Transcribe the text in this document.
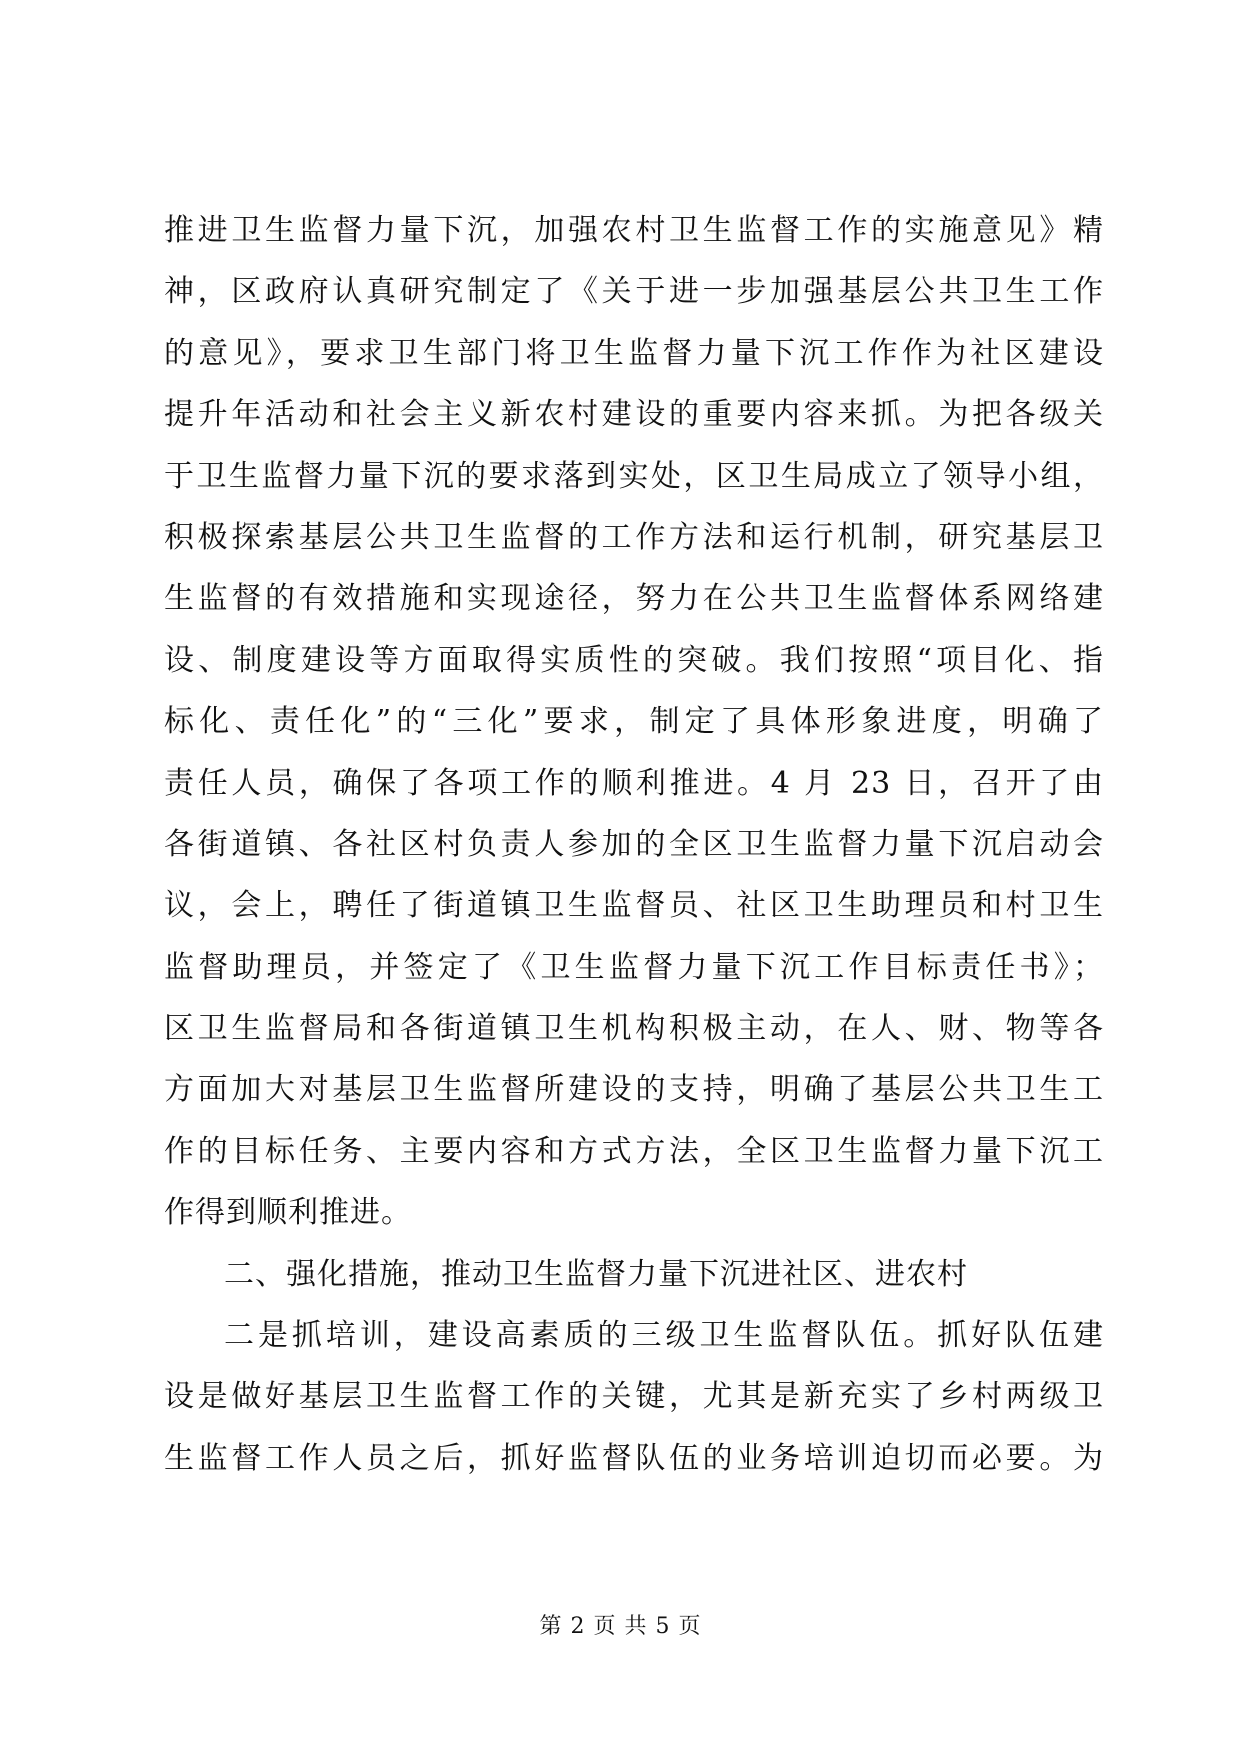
推进卫生监督力量下沉，加强农村卫生监督工作的实施意见》精
神，区政府认真研究制定了《关于进一步加强基层公共卫生工作
的意见》，要求卫生部门将卫生监督力量下沉工作作为社区建设
提升年活动和社会主义新农村建设的重要内容来抓。为把各级关
于卫生监督力量下沉的要求落到实处，区卫生局成立了领导小组，
积极探索基层公共卫生监督的工作方法和运行机制，研究基层卫
生监督的有效措施和实现途径，努力在公共卫生监督体系网络建
设、制度建设等方面取得实质性的突破。我们按照“项目化、指
标化、责任化”的“三化”要求，制定了具体形象进度，明确了
责任人员，确保了各项工作的顺利推进。4 月 23 日，召开了由
各街道镇、各社区村负责人参加的全区卫生监督力量下沉启动会
议，会上，聘任了街道镇卫生监督员、社区卫生助理员和村卫生
监督助理员，并签定了《卫生监督力量下沉工作目标责任书》；
区卫生监督局和各街道镇卫生机构积极主动，在人、财、物等各
方面加大对基层卫生监督所建设的支持，明确了基层公共卫生工
作的目标任务、主要内容和方式方法，全区卫生监督力量下沉工
作得到顺利推进。
二、强化措施，推动卫生监督力量下沉进社区、进农村
二是抓培训，建设高素质的三级卫生监督队伍。抓好队伍建
设是做好基层卫生监督工作的关键，尤其是新充实了乡村两级卫
生监督工作人员之后，抓好监督队伍的业务培训迫切而必要。为
第 2 页 共 5 页
